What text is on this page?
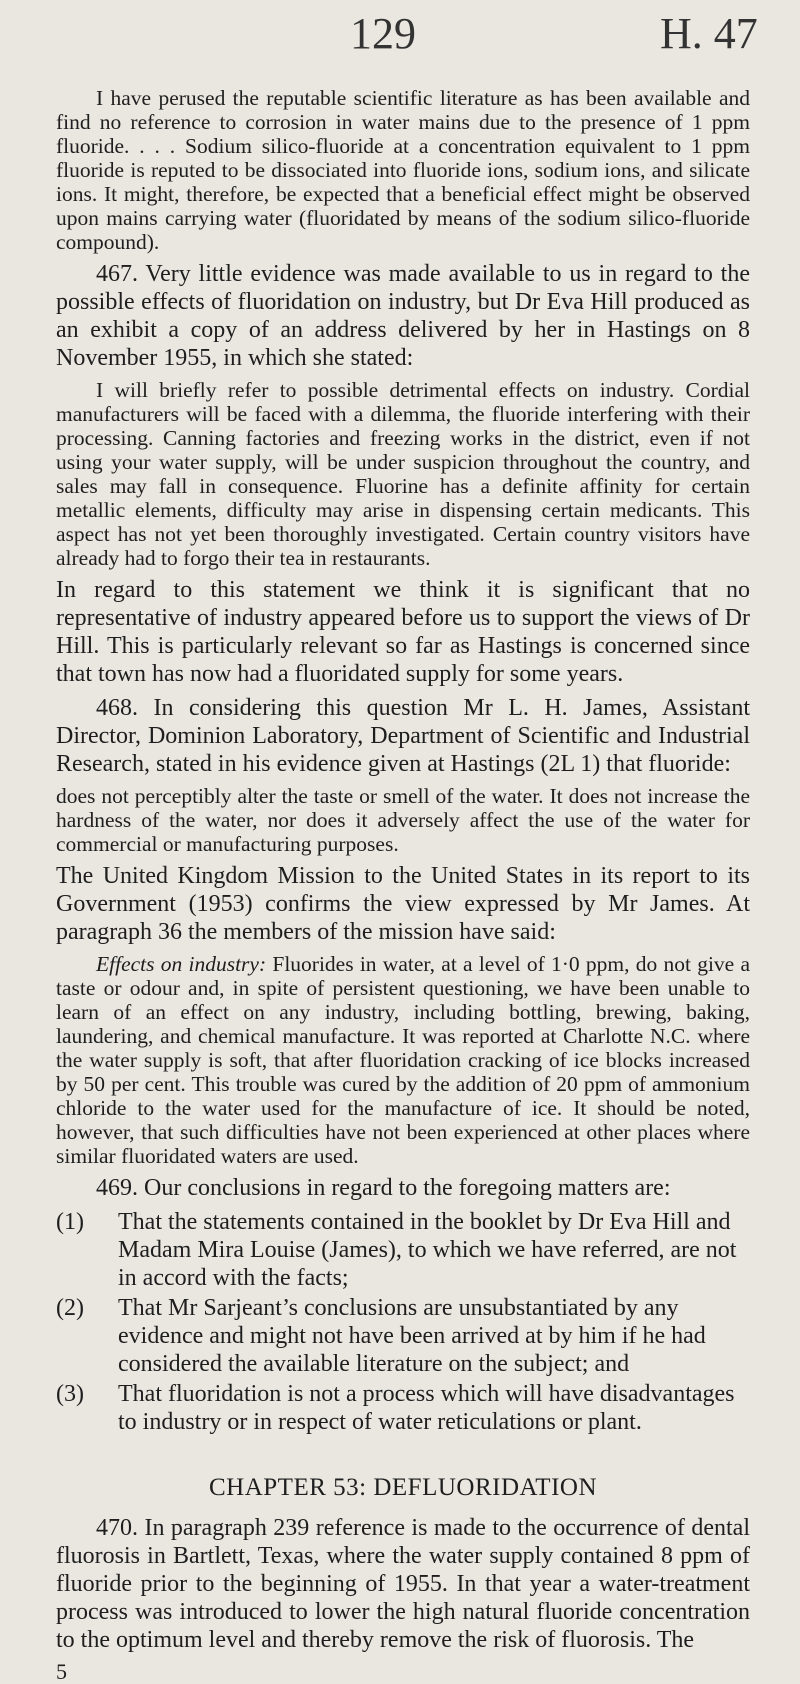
129	H. 47

I have perused the reputable scientific literature as has been available and find no reference to corrosion in water mains due to the presence of 1 ppm fluoride. . . . Sodium silico-fluoride at a concentration equivalent to 1 ppm fluoride is reputed to be dissociated into fluoride ions, sodium ions, and silicate ions. It might, therefore, be expected that a beneficial effect might be observed upon mains carrying water (fluoridated by means of the sodium silico-fluoride compound).

467. Very little evidence was made available to us in regard to the possible effects of fluoridation on industry, but Dr Eva Hill produced as an exhibit a copy of an address delivered by her in Hastings on 8 November 1955, in which she stated:

I will briefly refer to possible detrimental effects on industry. Cordial manufacturers will be faced with a dilemma, the fluoride interfering with their processing. Canning factories and freezing works in the district, even if not using your water supply, will be under suspicion throughout the country, and sales may fall in consequence. Fluorine has a definite affinity for certain metallic elements, difficulty may arise in dispensing certain medicants. This aspect has not yet been thoroughly investigated. Certain country visitors have already had to forgo their tea in restaurants.

In regard to this statement we think it is significant that no representative of industry appeared before us to support the views of Dr Hill. This is particularly relevant so far as Hastings is concerned since that town has now had a fluoridated supply for some years.

468. In considering this question Mr L. H. James, Assistant Director, Dominion Laboratory, Department of Scientific and Industrial Research, stated in his evidence given at Hastings (2L 1) that fluoride:

does not perceptibly alter the taste or smell of the water. It does not increase the hardness of the water, nor does it adversely affect the use of the water for commercial or manufacturing purposes.

The United Kingdom Mission to the United States in its report to its Government (1953) confirms the view expressed by Mr James. At paragraph 36 the members of the mission have said:

Effects on industry: Fluorides in water, at a level of 1·0 ppm, do not give a taste or odour and, in spite of persistent questioning, we have been unable to learn of an effect on any industry, including bottling, brewing, baking, laundering, and chemical manufacture. It was reported at Charlotte N.C. where the water supply is soft, that after fluoridation cracking of ice blocks increased by 50 per cent. This trouble was cured by the addition of 20 ppm of ammonium chloride to the water used for the manufacture of ice. It should be noted, however, that such difficulties have not been experienced at other places where similar fluoridated waters are used.

469. Our conclusions in regard to the foregoing matters are:

(1)	That the statements contained in the booklet by Dr Eva Hill and Madam Mira Louise (James), to which we have referred, are not in accord with the facts;
(2)	That Mr Sarjeant’s conclusions are unsubstantiated by any evidence and might not have been arrived at by him if he had considered the available literature on the subject; and
(3)	That fluoridation is not a process which will have disadvantages to industry or in respect of water reticulations or plant.
CHAPTER 53: DEFLUORIDATION

470. In paragraph 239 reference is made to the occurrence of dental fluorosis in Bartlett, Texas, where the water supply contained 8 ppm of fluoride prior to the beginning of 1955. In that year a water-treatment process was introduced to lower the high natural fluoride concentration to the optimum level and thereby remove the risk of fluorosis. The

5
